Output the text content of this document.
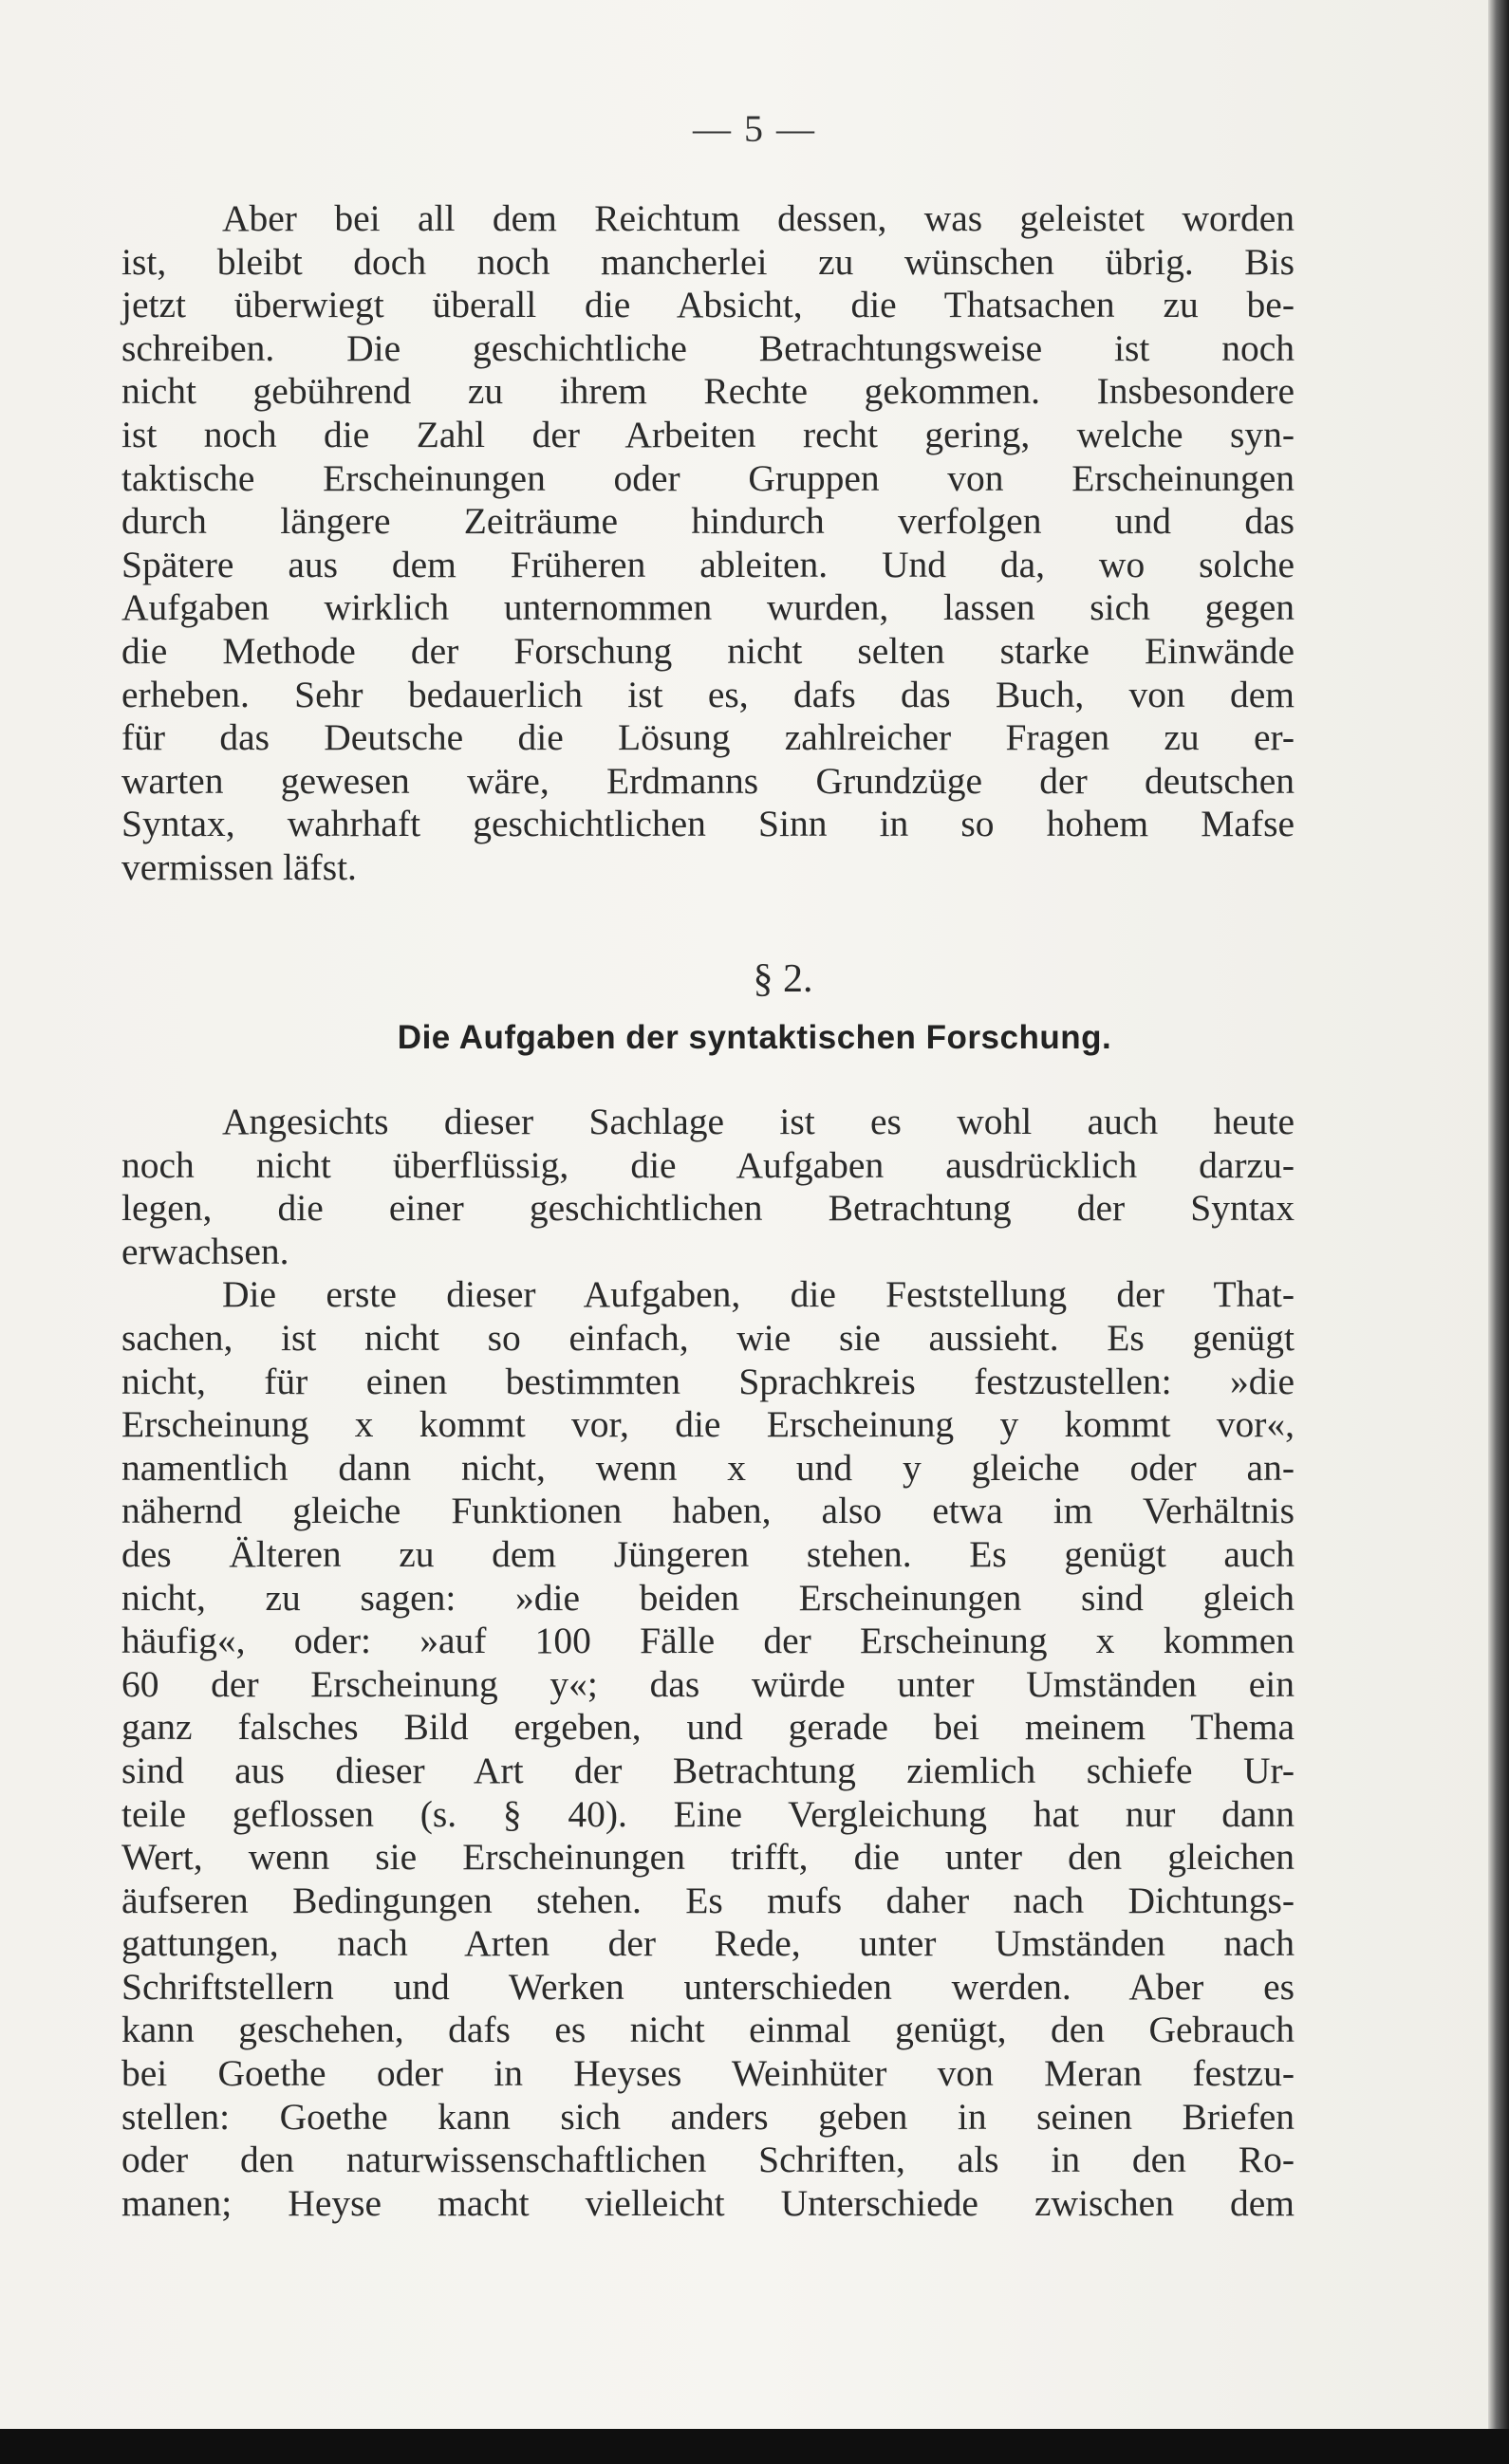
— 5 —
Aber bei all dem Reichtum dessen, was geleistet worden
ist, bleibt doch noch mancherlei zu wünschen übrig. Bis
jetzt überwiegt überall die Absicht, die Thatsachen zu be-
schreiben. Die geschichtliche Betrachtungsweise ist noch
nicht gebührend zu ihrem Rechte gekommen. Insbesondere
ist noch die Zahl der Arbeiten recht gering, welche syn-
taktische Erscheinungen oder Gruppen von Erscheinungen
durch längere Zeiträume hindurch verfolgen und das
Spätere aus dem Früheren ableiten. Und da, wo solche
Aufgaben wirklich unternommen wurden, lassen sich gegen
die Methode der Forschung nicht selten starke Einwände
erheben. Sehr bedauerlich ist es, dafs das Buch, von dem
für das Deutsche die Lösung zahlreicher Fragen zu er-
warten gewesen wäre, Erdmanns Grundzüge der deutschen
Syntax, wahrhaft geschichtlichen Sinn in so hohem Mafse
vermissen läfst.
§ 2.
Die Aufgaben der syntaktischen Forschung.
Angesichts dieser Sachlage ist es wohl auch heute
noch nicht überflüssig, die Aufgaben ausdrücklich darzu-
legen, die einer geschichtlichen Betrachtung der Syntax
erwachsen.
Die erste dieser Aufgaben, die Feststellung der That-
sachen, ist nicht so einfach, wie sie aussieht. Es genügt
nicht, für einen bestimmten Sprachkreis festzustellen: »die
Erscheinung x kommt vor, die Erscheinung y kommt vor«,
namentlich dann nicht, wenn x und y gleiche oder an-
nähernd gleiche Funktionen haben, also etwa im Verhältnis
des Älteren zu dem Jüngeren stehen. Es genügt auch
nicht, zu sagen: »die beiden Erscheinungen sind gleich
häufig«, oder: »auf 100 Fälle der Erscheinung x kommen
60 der Erscheinung y«; das würde unter Umständen ein
ganz falsches Bild ergeben, und gerade bei meinem Thema
sind aus dieser Art der Betrachtung ziemlich schiefe Ur-
teile geflossen (s. § 40). Eine Vergleichung hat nur dann
Wert, wenn sie Erscheinungen trifft, die unter den gleichen
äufseren Bedingungen stehen. Es mufs daher nach Dichtungs-
gattungen, nach Arten der Rede, unter Umständen nach
Schriftstellern und Werken unterschieden werden. Aber es
kann geschehen, dafs es nicht einmal genügt, den Gebrauch
bei Goethe oder in Heyses Weinhüter von Meran festzu-
stellen: Goethe kann sich anders geben in seinen Briefen
oder den naturwissenschaftlichen Schriften, als in den Ro-
manen; Heyse macht vielleicht Unterschiede zwischen dem
